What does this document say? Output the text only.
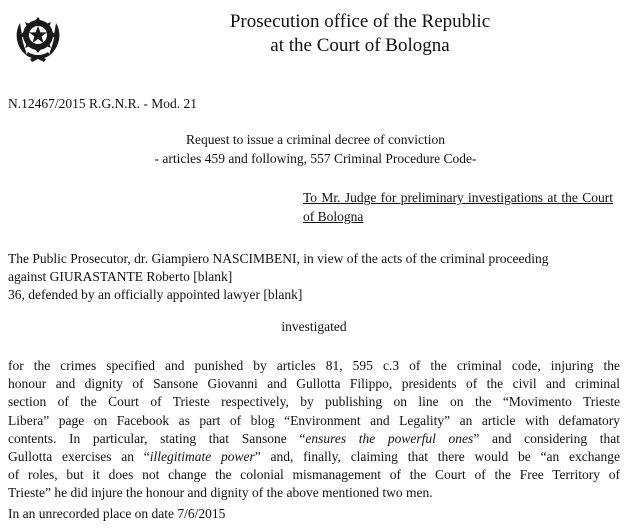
Prosecution office of the Republic
at the Court of Bologna
N.12467/2015 R.G.N.R. - Mod. 21
Request to issue a criminal decree of conviction
- articles 459 and following, 557 Criminal Procedure Code-
To Mr. Judge for preliminary investigations at the Court of Bologna
The Public Prosecutor, dr. Giampiero NASCIMBENI, in view of the acts of the criminal proceeding
against GIURASTANTE Roberto [blank]
36, defended by an officially appointed lawyer [blank]
investigated
for the crimes specified and punished by articles 81, 595 c.3 of the criminal code, injuring the
honour and dignity of Sansone Giovanni and Gullotta Filippo, presidents of the civil and criminal
section of the Court of Trieste respectively, by publishing on line on the “Movimento Trieste
Libera” page on Facebook as part of blog “Environment and Legality” an article with defamatory
contents. In particular, stating that Sansone “ensures the powerful ones” and considering that
Gullotta exercises an “illegitimate power” and, finally, claiming that there would be “an exchange
of roles, but it does not change the colonial mismanagement of the Court of the Free Territory of
Trieste” he did injure the honour and dignity of the above mentioned two men.
In an unrecorded place on date 7/6/2015
